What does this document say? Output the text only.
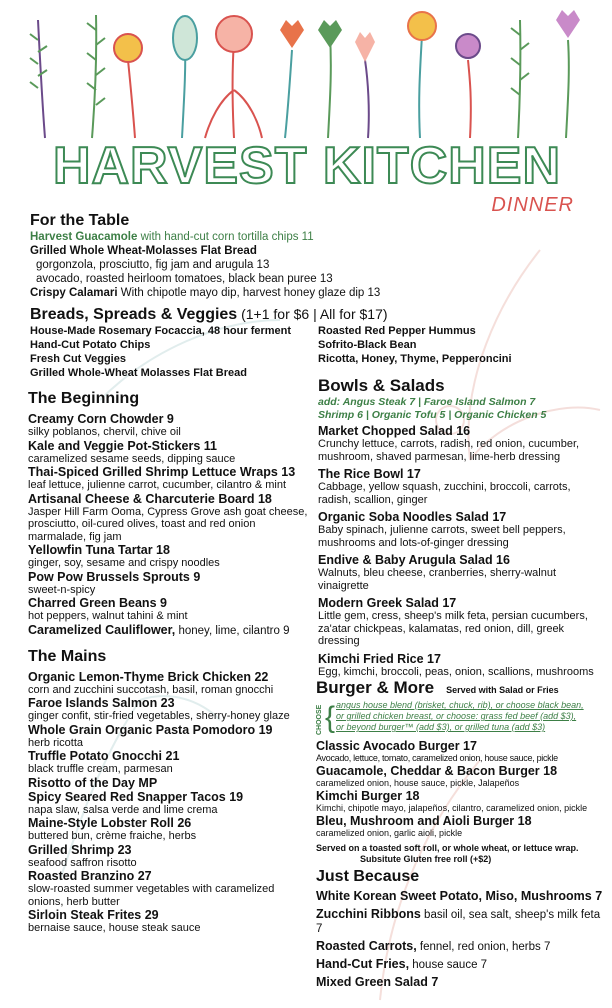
HARVEST KITCHEN
DINNER
For the Table
Harvest Guacamole with hand-cut corn tortilla chips 11
Grilled Whole Wheat-Molasses Flat Bread
gorgonzola, prosciutto, fig jam and arugula 13
avocado, roasted heirloom tomatoes, black bean puree 13
Crispy Calamari With chipotle mayo dip, harvest honey glaze dip 13
Breads, Spreads & Veggies (1+1 for $6 | All for $17)
House-Made Rosemary Focaccia, 48 hour ferment
Hand-Cut Potato Chips
Fresh Cut Veggies
Grilled Whole-Wheat Molasses Flat Bread
Roasted Red Pepper Hummus
Sofrito-Black Bean
Ricotta, Honey, Thyme, Pepperoncini
The Beginning
Creamy Corn Chowder 9
silky poblanos, chervil, chive oil
Kale and Veggie Pot-Stickers 11
caramelized sesame seeds, dipping sauce
Thai-Spiced Grilled Shrimp Lettuce Wraps 13
leaf lettuce, julienne carrot, cucumber, cilantro & mint
Artisanal Cheese & Charcuterie Board 18
Jasper Hill Farm Ooma, Cypress Grove ash goat cheese, prosciutto, oil-cured olives, toast and red onion marmalade, fig jam
Yellowfin Tuna Tartar 18
ginger, soy, sesame and crispy noodles
Pow Pow Brussels Sprouts 9
sweet-n-spicy
Charred Green Beans 9
hot peppers, walnut tahini & mint
Caramelized Cauliflower, honey, lime, cilantro 9
The Mains
Organic Lemon-Thyme Brick Chicken 22
corn and zucchini succotash, basil, roman gnocchi
Faroe Islands Salmon 23
ginger confit, stir-fried vegetables, sherry-honey glaze
Whole Grain Organic Pasta Pomodoro 19
herb ricotta
Truffle Potato Gnocchi 21
black truffle cream, parmesan
Risotto of the Day MP
Spicy Seared Red Snapper Tacos 19
napa slaw, salsa verde and lime crema
Maine-Style Lobster Roll 26
buttered bun, crème fraiche, herbs
Grilled Shrimp 23
seafood saffron risotto
Roasted Branzino 27
slow-roasted summer vegetables with caramelized onions, herb butter
Sirloin Steak Frites 29
bernaise sauce, house steak sauce
Bowls & Salads
add: Angus Steak 7 | Faroe Island Salmon 7
Shrimp 6 | Organic Tofu 5 | Organic Chicken 5
Market Chopped Salad 16
Crunchy lettuce, carrots, radish, red onion, cucumber, mushroom, shaved parmesan, lime-herb dressing
The Rice Bowl 17
Cabbage, yellow squash, zucchini, broccoli, carrots, radish, scallion, ginger
Organic Soba Noodles Salad 17
Baby spinach, julienne carrots, sweet bell peppers, mushrooms and lots-of-ginger dressing
Endive & Baby Arugula Salad 16
Walnuts, bleu cheese, cranberries, sherry-walnut vinaigrette
Modern Greek Salad 17
Little gem, cress, sheep's milk feta, persian cucumbers, za'atar chickpeas, kalamatas, red onion, dill, greek dressing
Kimchi Fried Rice 17
Egg, kimchi, broccoli, peas, onion, scallions, mushrooms
Burger & More Served with Salad or Fries
CHOOSE { angus house blend (brisket, chuck, rib), or choose black bean,
or grilled chicken breast, or choose: grass fed beef (add $3),
or beyond burger™ (add $3), or grilled tuna (add $3)
Classic Avocado Burger 17
Avocado, lettuce, tomato, caramelized onion, house sauce, pickle
Guacamole, Cheddar & Bacon Burger 18
caramelized onion, house sauce, pickle, Jalapeños
Kimchi Burger 18
Kimchi, chipotle mayo, jalapeños, cilantro, caramelized onion, pickle
Bleu, Mushroom and Aioli Burger 18
caramelized onion, garlic aioli, pickle
Served on a toasted soft roll, or whole wheat, or lettuce wrap.
Subsitute Gluten free roll (+$2)
Just Because
White Korean Sweet Potato, Miso, Mushrooms 7
Zucchini Ribbons basil oil, sea salt, sheep's milk feta 7
Roasted Carrots, fennel, red onion, herbs 7
Hand-Cut Fries, house sauce 7
Mixed Green Salad 7
